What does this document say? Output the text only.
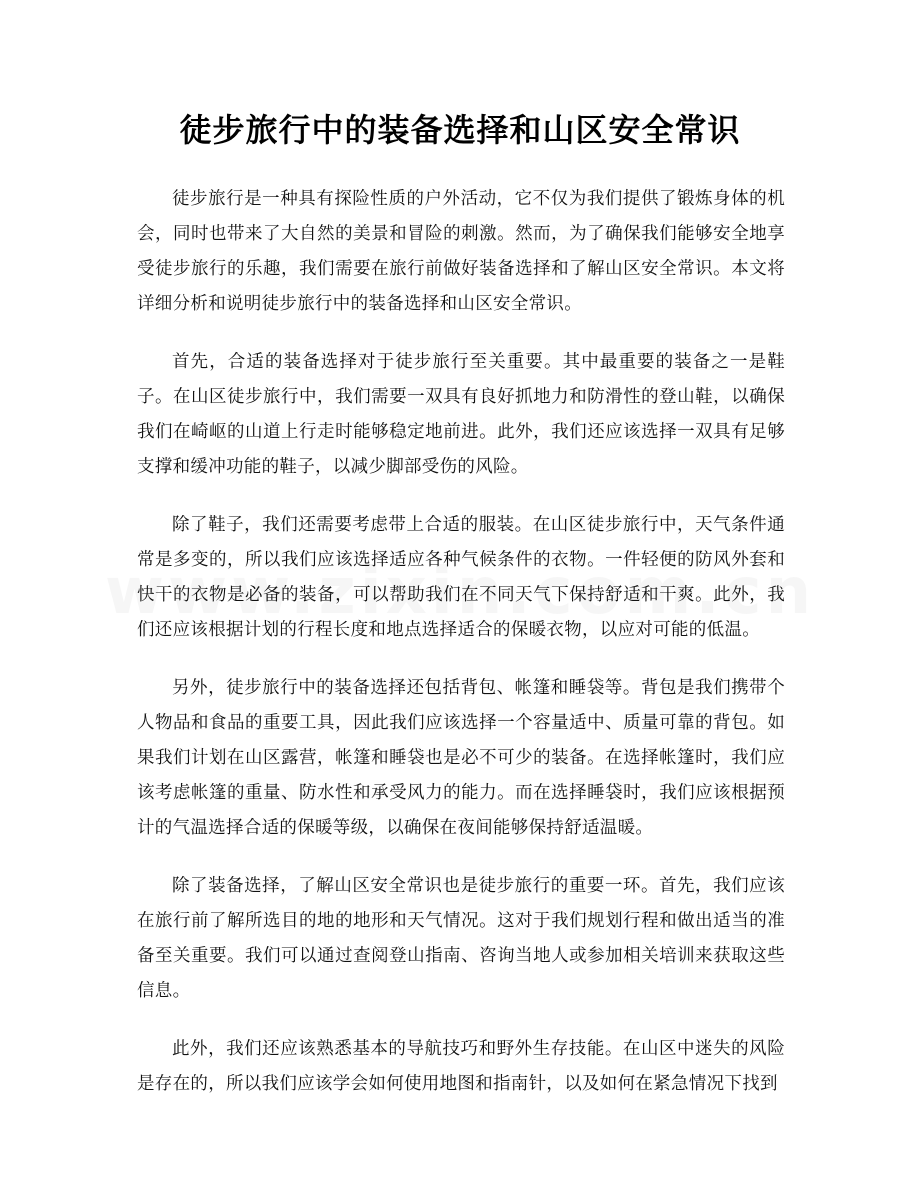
徒步旅行中的装备选择和山区安全常识

徒步旅行是一种具有探险性质的户外活动，它不仅为我们提供了锻炼身体的机会，同时也带来了大自然的美景和冒险的刺激。然而，为了确保我们能够安全地享受徒步旅行的乐趣，我们需要在旅行前做好装备选择和了解山区安全常识。本文将详细分析和说明徒步旅行中的装备选择和山区安全常识。

首先，合适的装备选择对于徒步旅行至关重要。其中最重要的装备之一是鞋子。在山区徒步旅行中，我们需要一双具有良好抓地力和防滑性的登山鞋，以确保我们在崎岖的山道上行走时能够稳定地前进。此外，我们还应该选择一双具有足够支撑和缓冲功能的鞋子，以减少脚部受伤的风险。

除了鞋子，我们还需要考虑带上合适的服装。在山区徒步旅行中，天气条件通常是多变的，所以我们应该选择适应各种气候条件的衣物。一件轻便的防风外套和快干的衣物是必备的装备，可以帮助我们在不同天气下保持舒适和干爽。此外，我们还应该根据计划的行程长度和地点选择适合的保暖衣物，以应对可能的低温。

另外，徒步旅行中的装备选择还包括背包、帐篷和睡袋等。背包是我们携带个人物品和食品的重要工具，因此我们应该选择一个容量适中、质量可靠的背包。如果我们计划在山区露营，帐篷和睡袋也是必不可少的装备。在选择帐篷时，我们应该考虑帐篷的重量、防水性和承受风力的能力。而在选择睡袋时，我们应该根据预计的气温选择合适的保暖等级，以确保在夜间能够保持舒适温暖。

除了装备选择，了解山区安全常识也是徒步旅行的重要一环。首先，我们应该在旅行前了解所选目的地的地形和天气情况。这对于我们规划行程和做出适当的准备至关重要。我们可以通过查阅登山指南、咨询当地人或参加相关培训来获取这些信息。

此外，我们还应该熟悉基本的导航技巧和野外生存技能。在山区中迷失的风险是存在的，所以我们应该学会如何使用地图和指南针，以及如何在紧急情况下找到
